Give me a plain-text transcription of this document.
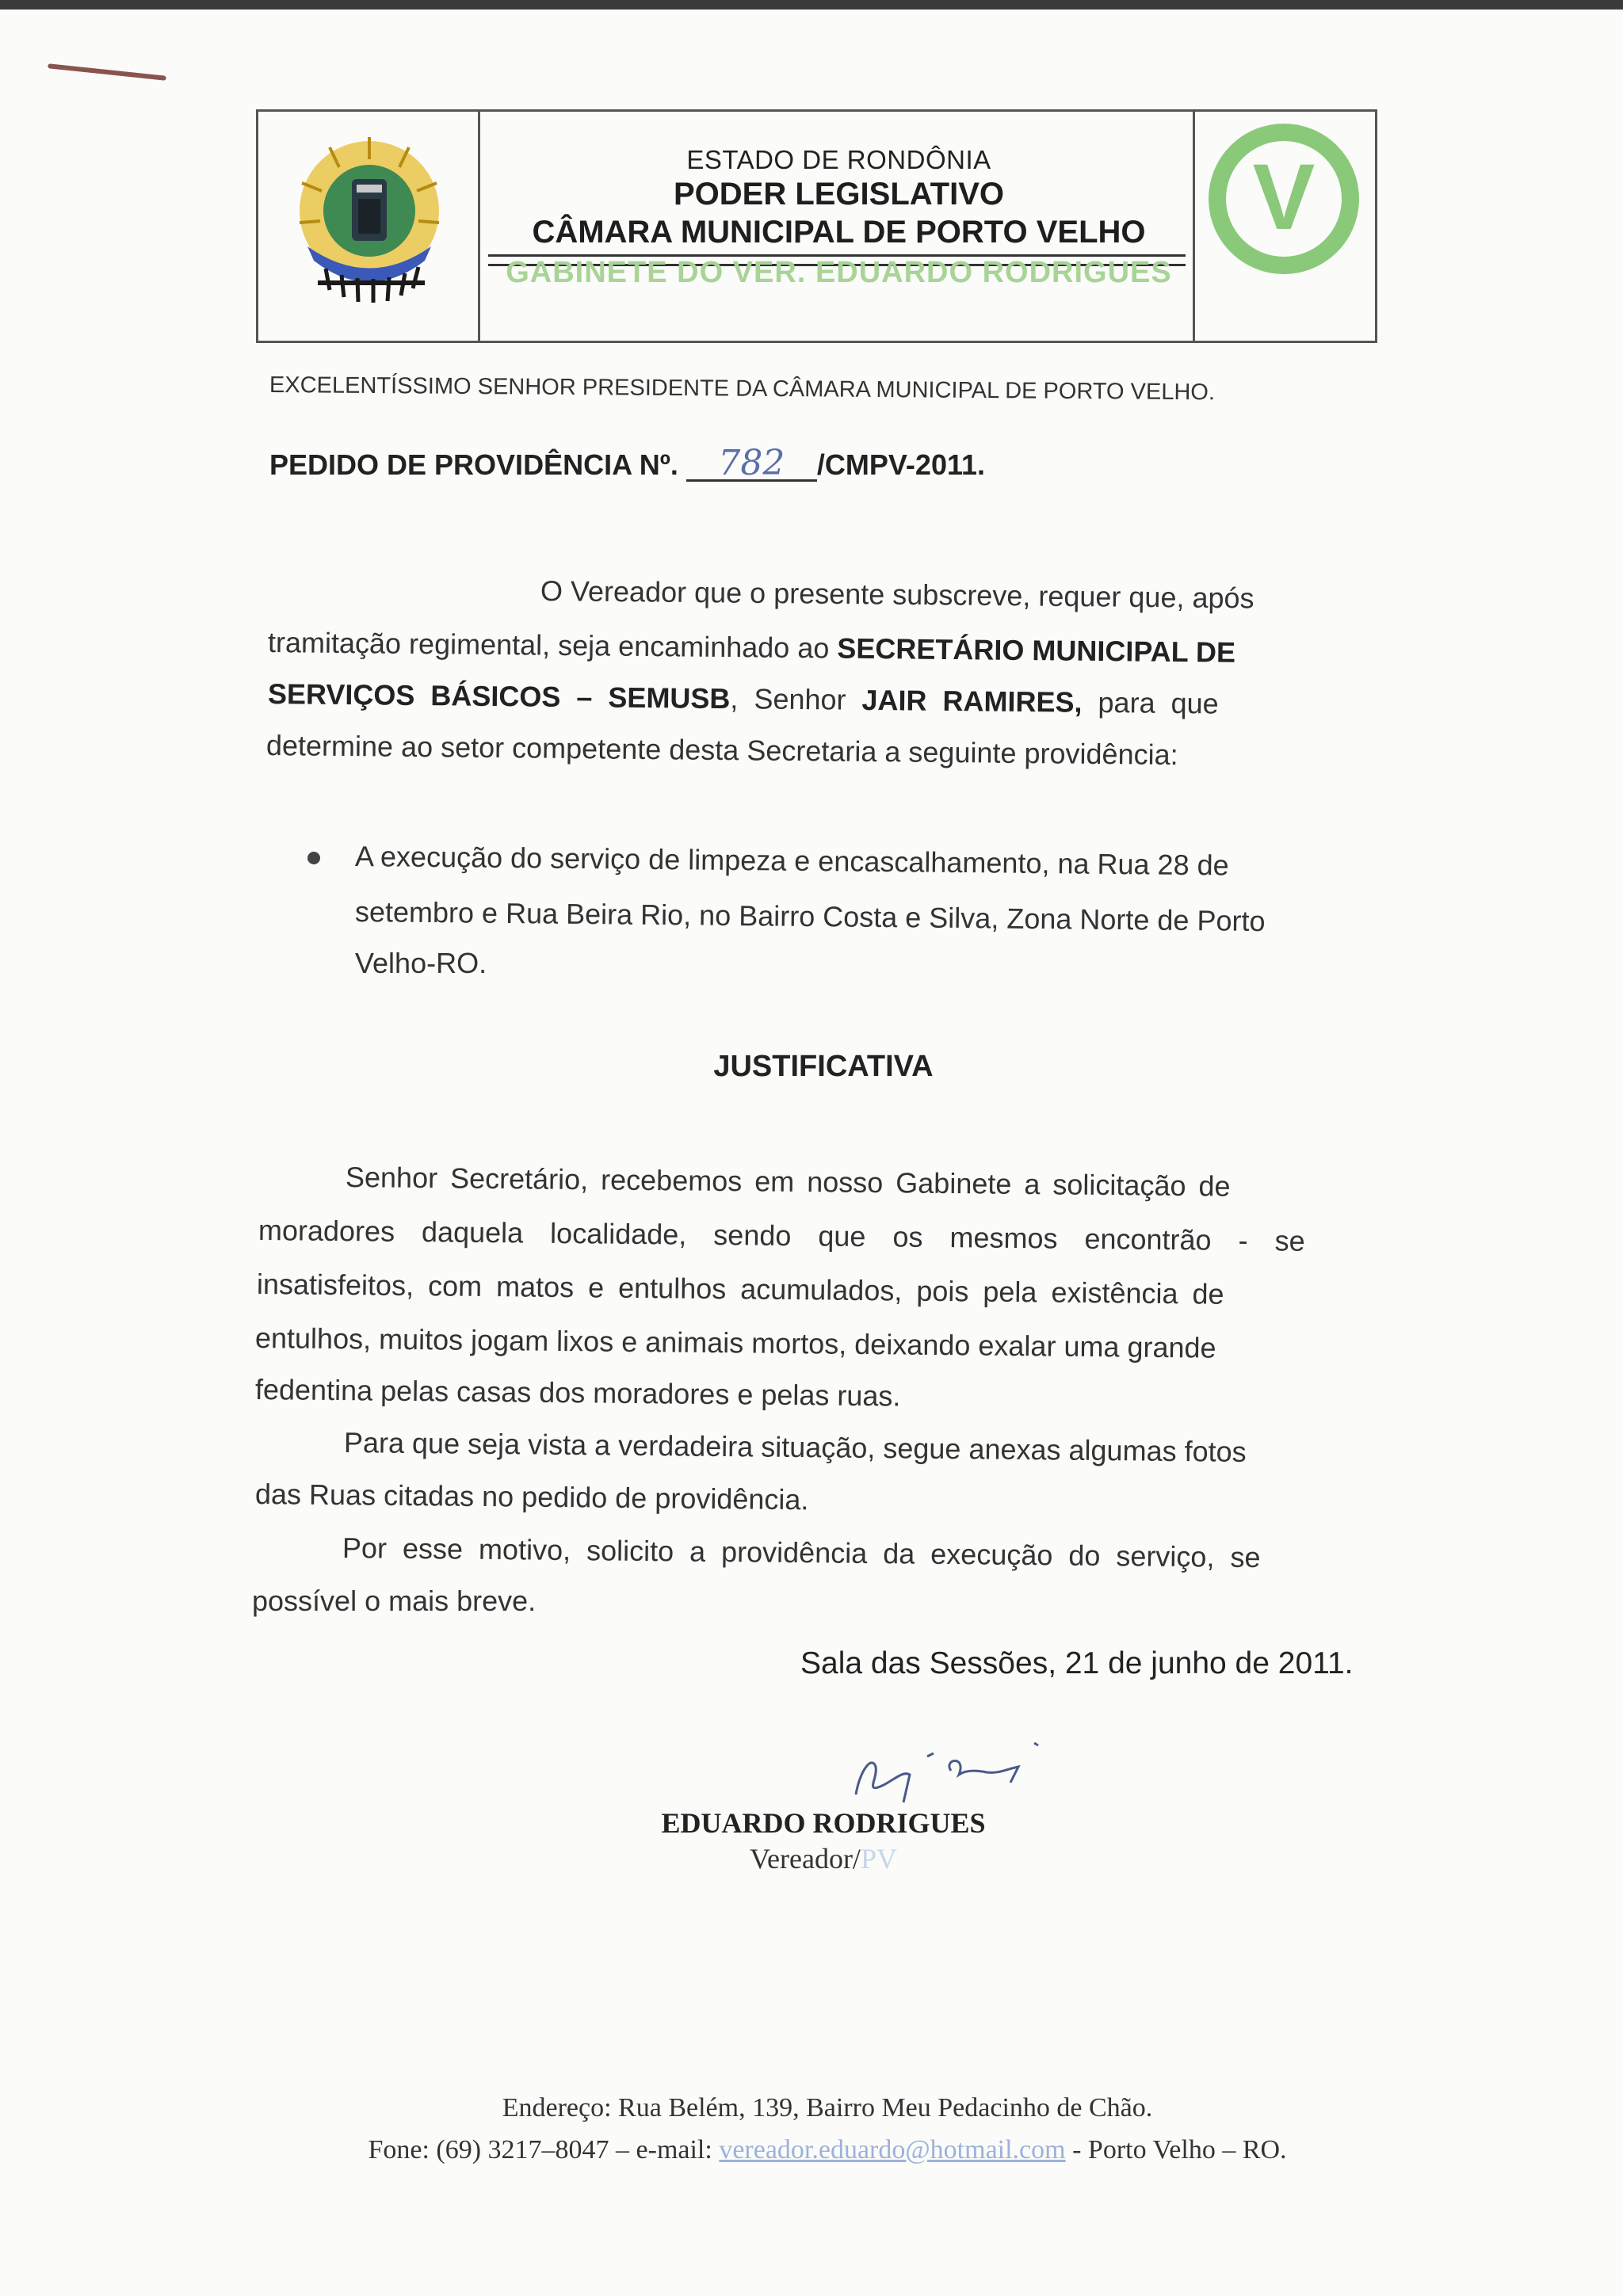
ESTADO DE RONDÔNIA
PODER LEGISLATIVO
CÂMARA MUNICIPAL DE PORTO VELHO
GABINETE DO VER. EDUARDO RODRIGUES
V
EXCELENTÍSSIMO SENHOR PRESIDENTE DA CÂMARA MUNICIPAL DE PORTO VELHO.
PEDIDO DE PROVIDÊNCIA Nº. 782 /CMPV-2011.
O Vereador que o presente subscreve, requer que, após
tramitação regimental, seja encaminhado ao SECRETÁRIO MUNICIPAL DE
SERVIÇOS BÁSICOS – SEMUSB, Senhor JAIR RAMIRES, para que
determine ao setor competente desta Secretaria a seguinte providência:
A execução do serviço de limpeza e encascalhamento, na Rua 28 de
setembro e Rua Beira Rio, no Bairro Costa e Silva, Zona Norte de Porto
Velho-RO.
JUSTIFICATIVA
Senhor Secretário, recebemos em nosso Gabinete a solicitação de
moradores daquela localidade, sendo que os mesmos encontrão - se
insatisfeitos, com matos e entulhos acumulados, pois pela existência de
entulhos, muitos jogam lixos e animais mortos, deixando exalar uma grande
fedentina pelas casas dos moradores e pelas ruas.
Para que seja vista a verdadeira situação, segue anexas algumas fotos
das Ruas citadas no pedido de providência.
Por esse motivo, solicito a providência da execução do serviço, se
possível o mais breve.
Sala das Sessões, 21 de junho de 2011.
EDUARDO RODRIGUES
Vereador/PV
Endereço: Rua Belém, 139, Bairro Meu Pedacinho de Chão.
Fone: (69) 3217–8047 – e-mail: vereador.eduardo@hotmail.com - Porto Velho – RO.
